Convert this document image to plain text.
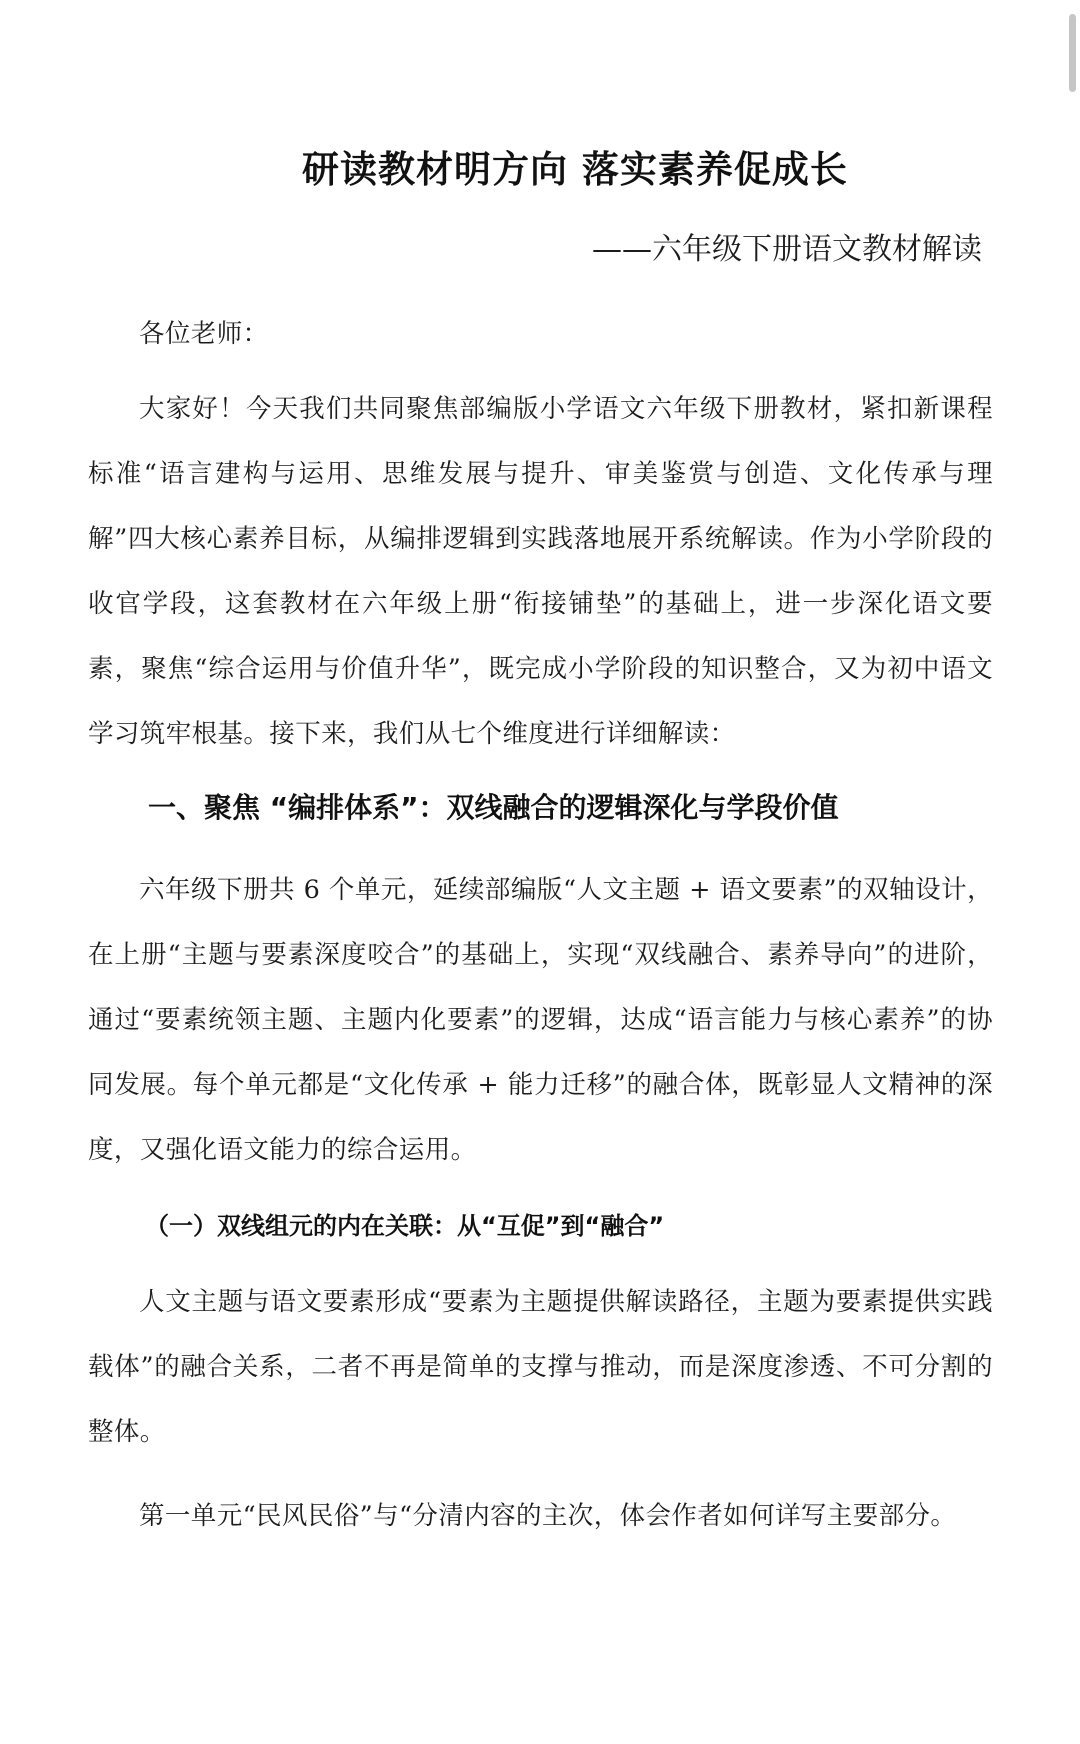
研读教材明方向 落实素养促成长

——六年级下册语文教材解读

各位老师：

大家好！今天我们共同聚焦部编版小学语文六年级下册教材，紧扣新课程标准“语言建构与运用、思维发展与提升、审美鉴赏与创造、文化传承与理解”四大核心素养目标，从编排逻辑到实践落地展开系统解读。作为小学阶段的收官学段，这套教材在六年级上册“衔接铺垫”的基础上，进一步深化语文要素，聚焦“综合运用与价值升华”，既完成小学阶段的知识整合，又为初中语文学习筑牢根基。接下来，我们从七个维度进行详细解读：

一、聚焦 “编排体系”：双线融合的逻辑深化与学段价值

六年级下册共 6 个单元，延续部编版“人文主题 + 语文要素”的双轴设计，在上册“主题与要素深度咬合”的基础上，实现“双线融合、素养导向”的进阶，通过“要素统领主题、主题内化要素”的逻辑，达成“语言能力与核心素养”的协同发展。每个单元都是“文化传承 + 能力迁移”的融合体，既彰显人文精神的深度，又强化语文能力的综合运用。

（一）双线组元的内在关联：从“互促”到“融合”

人文主题与语文要素形成“要素为主题提供解读路径，主题为要素提供实践载体”的融合关系，二者不再是简单的支撑与推动，而是深度渗透、不可分割的整体。

第一单元“民风民俗”与“分清内容的主次，体会作者如何详写主要部分。
